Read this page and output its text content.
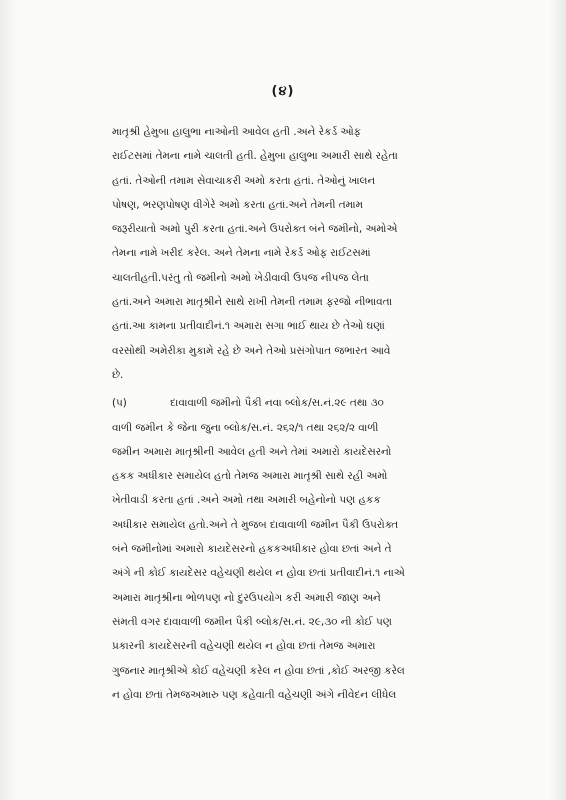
(૪)
માતૃશ્રી હેમુબા હાલુભા નાઓની આવેલ હતી .અને રેકર્ડ ઓફ
રાઈટસમાં તેમના નામે ચાલતી હતી. હેમુબા હાલુભા અમારી સાથે રહેતા
હતાં. તેઓની તમામ સેવાચાકરી અમો કરતા હતાં. તેઓનું ખાલન
પોષણ, ભરણપોષણ વીગેરે અમો કરતા હતાં.અને તેમની તમામ
જરૂરીયાતો અમો પુરી કરતા હતાં.અને ઉપરોક્ત બંને જમીનો, અમોએ
તેમના નામે ખરીદ કરેલ. અને તેમના નામે રેકર્ડ ઓફ રાઈટસમાં
ચાલતીહતી.પરંતુ તો જમીનો અમો ખેડીવાવી ઉપજ નીપજ લેતા
હતાં.અને અમારા માતૃશ્રીને સાથે રાખી તેમની તમામ ફરજો નીભાવતા
હતાં.આ કામના પ્રતીવાદીનં.૧ અમારા સગા ભાઈ થાય છે તેઓ ઘણાં
વરસોથી અમેરીકા મુકામે રહે છે અને તેઓ પ્રસંગોપાત જભારત આવે
છે.
(પ)	દાવાવાળી જમીનો પૈકી નવા બ્લોક/સ.નં.૨૯ તથા ૩૦
વાળી જમીન કે જેના જુના બ્લોક/સ.નં. ૨૬૨/૧ તથા ૨૬૨/૨ વાળી
જમીન અમારા માતૃશ્રીની આવેલ હતી અને તેમાં અમારો કાયદેસરનો
હકક અધીકાર સમાયેલ હતો તેમજ અમારા માતૃશ્રી સાથે રહી અમો
ખેતીવાડી કરતા હતાં .અને અમો તથા અમારી બહેનોનો પણ હકક
અધીકાર સમાયેલ હતો.અને તે મુજબ દાવાવાળી જમીન પૈકી ઉપરોક્ત
બંને જમીનોમાં અમારો કાયદેસરનો હકકઅધીકાર હોવા છતાં અને તે
અંગે ની કોઈ કાયદેસર વહેચણી થયેલ ન હોવા છતાં પ્રતીવાદીનં.૧ નાએ
અમારા માતૃશ્રીના ભોળપણ નો દુરઉપયોગ કરી અમારી જાણ અને
સંમતી વગર દાવાવાળી જમીન પૈકી બ્લોક/સ.નં. ૨૯,૩૦ ની કોઈ પણ
પ્રકારની કાયદેસરની વહેચણી થયેલ ન હોવા છતાં તેમજ અમારા
ગુજનાર માતૃશ્રીએ કોઈ વહેચણી કરેલ ન હોવા છતાં ,કોઈ અરજી કરેલ
ન હોવા છતાં તેમજઅમારુ પણ કહેવાતી વહેચણી અંગે નીવેદન લીધેલ
